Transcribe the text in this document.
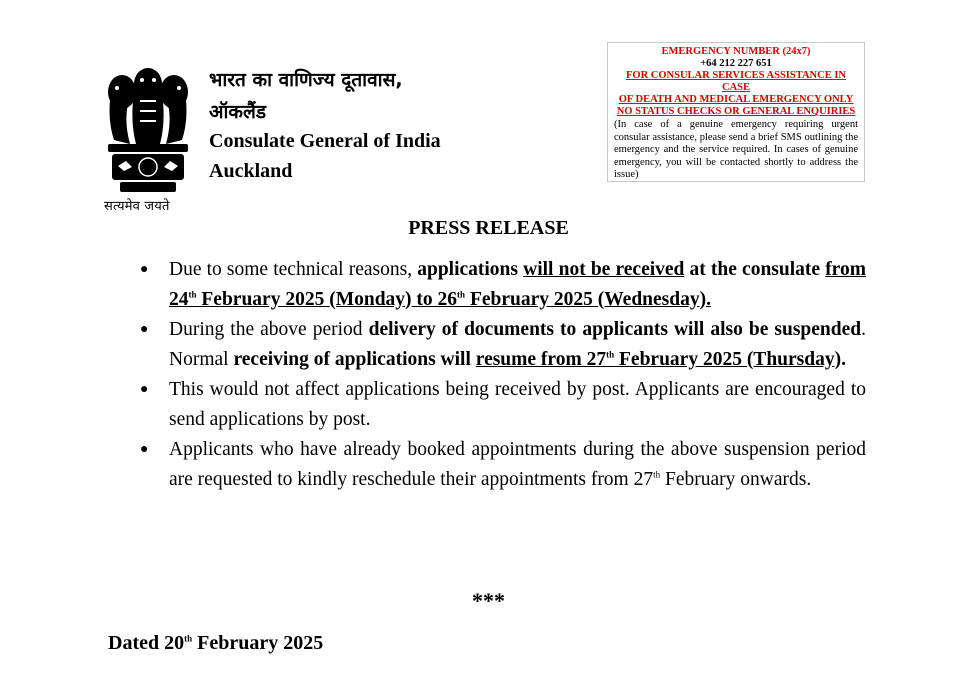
सत्यमेव जयते
भारत का वाणिज्य दूतावास,
ऑकलैंड
Consulate General of India
Auckland
EMERGENCY NUMBER (24x7)
+64 212 227 651
FOR CONSULAR SERVICES ASSISTANCE IN CASE
OF DEATH AND MEDICAL EMERGENCY ONLY
NO STATUS CHECKS OR GENERAL ENQUIRIES
(In case of a genuine emergency requiring urgent consular assistance, please send a brief SMS outlining the emergency and the service required. In cases of genuine emergency, you will be contacted shortly to address the issue)
PRESS RELEASE
● Due to some technical reasons, applications will not be received at the consulate from 24th February 2025 (Monday) to 26th February 2025 (Wednesday).
● During the above period delivery of documents to applicants will also be suspended. Normal receiving of applications will resume from 27th February 2025 (Thursday).
● This would not affect applications being received by post. Applicants are encouraged to send applications by post.
● Applicants who have already booked appointments during the above suspension period are requested to kindly reschedule their appointments from 27th February onwards.
***
Dated 20th February 2025
